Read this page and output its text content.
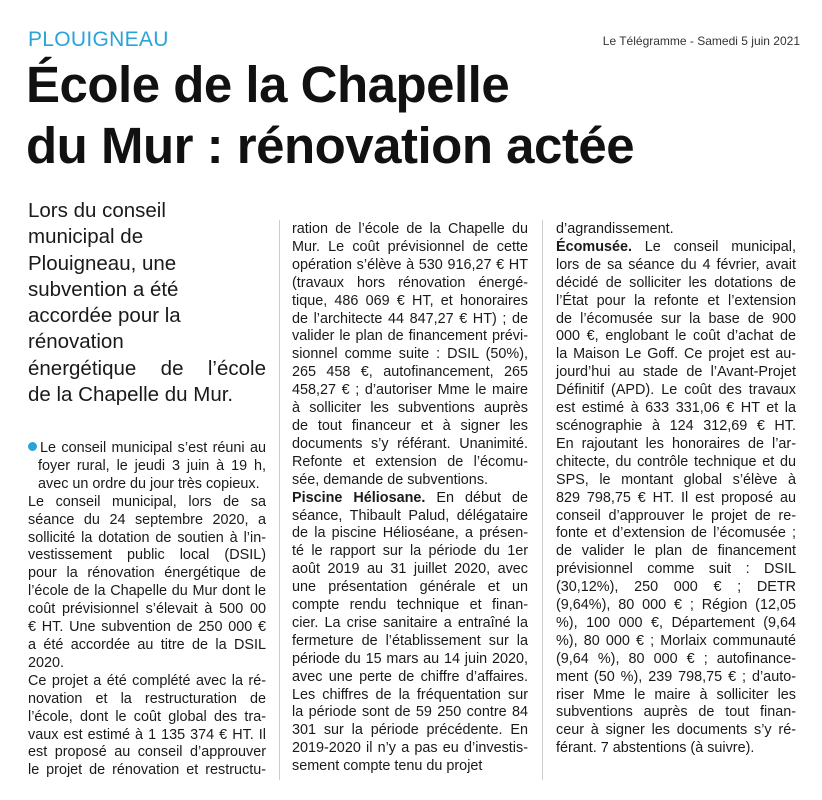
PLOUIGNEAU	Le Télégramme - Samedi 5 juin 2021
École de la Chapelle
du Mur : rénovation actée

Lors du conseil
municipal de
Plouigneau, une
subvention a été
accordée pour la
rénovation
énergétique de l’école
de la Chapelle du Mur.

Le conseil municipal s’est réuni au
foyer rural, le jeudi 3 juin à 19 h,
avec un ordre du jour très copieux.
Le conseil municipal, lors de sa
séance du 24 septembre 2020, a
sollicité la dotation de soutien à l’in-
vestissement public local (DSIL)
pour la rénovation énergétique de
l’école de la Chapelle du Mur dont le
coût prévisionnel s’élevait à 500 00
€ HT. Une subvention de 250 000 €
a été accordée au titre de la DSIL
2020.
Ce projet a été complété avec la ré-
novation et la restructuration de
l’école, dont le coût global des tra-
vaux est estimé à 1 135 374 € HT. Il
est proposé au conseil d’approuver
le projet de rénovation et restructu-
ration de l’école de la Chapelle du
Mur. Le coût prévisionnel de cette
opération s’élève à 530 916,27 € HT
(travaux hors rénovation énergé-
tique, 486 069 € HT, et honoraires
de l’architecte 44 847,27 € HT) ; de
valider le plan de financement prévi-
sionnel comme suite : DSIL (50%),
265 458 €, autofinancement, 265
458,27 € ; d’autoriser Mme le maire
à solliciter les subventions auprès
de tout financeur et à signer les
documents s’y référant. Unanimité.
Refonte et extension de l’écomu-
sée, demande de subventions.
Piscine Héliosane. En début de
séance, Thibault Palud, délégataire
de la piscine Hélioséane, a présen-
té le rapport sur la période du 1er
août 2019 au 31 juillet 2020, avec
une présentation générale et un
compte rendu technique et finan-
cier. La crise sanitaire a entraîné la
fermeture de l’établissement sur la
période du 15 mars au 14 juin 2020,
avec une perte de chiffre d’affaires.
Les chiffres de la fréquentation sur
la période sont de 59 250 contre 84
301 sur la période précédente. En
2019-2020 il n’y a pas eu d’investis-
sement compte tenu du projet
d’agrandissement.
Écomusée. Le conseil municipal,
lors de sa séance du 4 février, avait
décidé de solliciter les dotations de
l’État pour la refonte et l’extension
de l’écomusée sur la base de 900
000 €, englobant le coût d’achat de
la Maison Le Goff. Ce projet est au-
jourd’hui au stade de l’Avant-Projet
Définitif (APD). Le coût des travaux
est estimé à 633 331,06 € HT et la
scénographie à 124 312,69 € HT.
En rajoutant les honoraires de l’ar-
chitecte, du contrôle technique et du
SPS, le montant global s’élève à
829 798,75 € HT. Il est proposé au
conseil d’approuver le projet de re-
fonte et d’extension de l’écomusée ;
de valider le plan de financement
prévisionnel comme suit : DSIL
(30,12%), 250 000 € ; DETR
(9,64%), 80 000 € ; Région (12,05
%), 100 000 €, Département (9,64
%), 80 000 € ; Morlaix communauté
(9,64 %), 80 000 € ; autofinance-
ment (50 %), 239 798,75 € ; d’auto-
riser Mme le maire à solliciter les
subventions auprès de tout finan-
ceur à signer les documents s’y ré-
férant. 7 abstentions (à suivre).
